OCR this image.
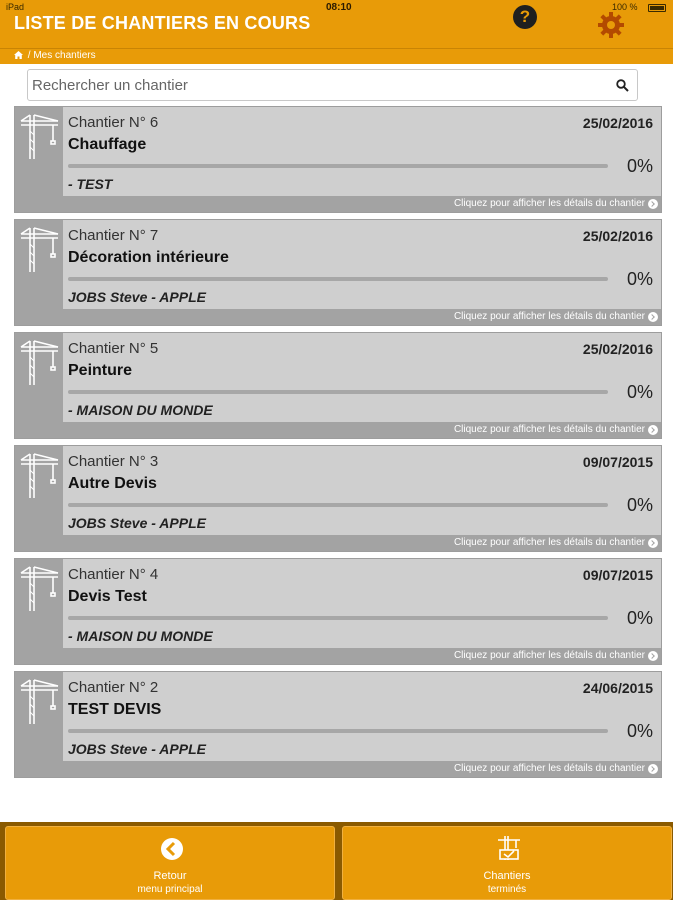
iPad	08:10	100 %
LISTE DE CHANTIERS EN COURS	?
/ Mes chantiers
Rechercher un chantier
Chantier N° 6	25/02/2016
Chauffage
0%
- TEST
Cliquez pour afficher les détails du chantier
Chantier N° 7	25/02/2016
Décoration intérieure
0%
JOBS Steve - APPLE
Cliquez pour afficher les détails du chantier
Chantier N° 5	25/02/2016
Peinture
0%
- MAISON DU MONDE
Cliquez pour afficher les détails du chantier
Chantier N° 3	09/07/2015
Autre Devis
0%
JOBS Steve - APPLE
Cliquez pour afficher les détails du chantier
Chantier N° 4	09/07/2015
Devis Test
0%
- MAISON DU MONDE
Cliquez pour afficher les détails du chantier
Chantier N° 2	24/06/2015
TEST DEVIS
0%
JOBS Steve - APPLE
Cliquez pour afficher les détails du chantier
Retour
menu principal
Chantiers
terminés
